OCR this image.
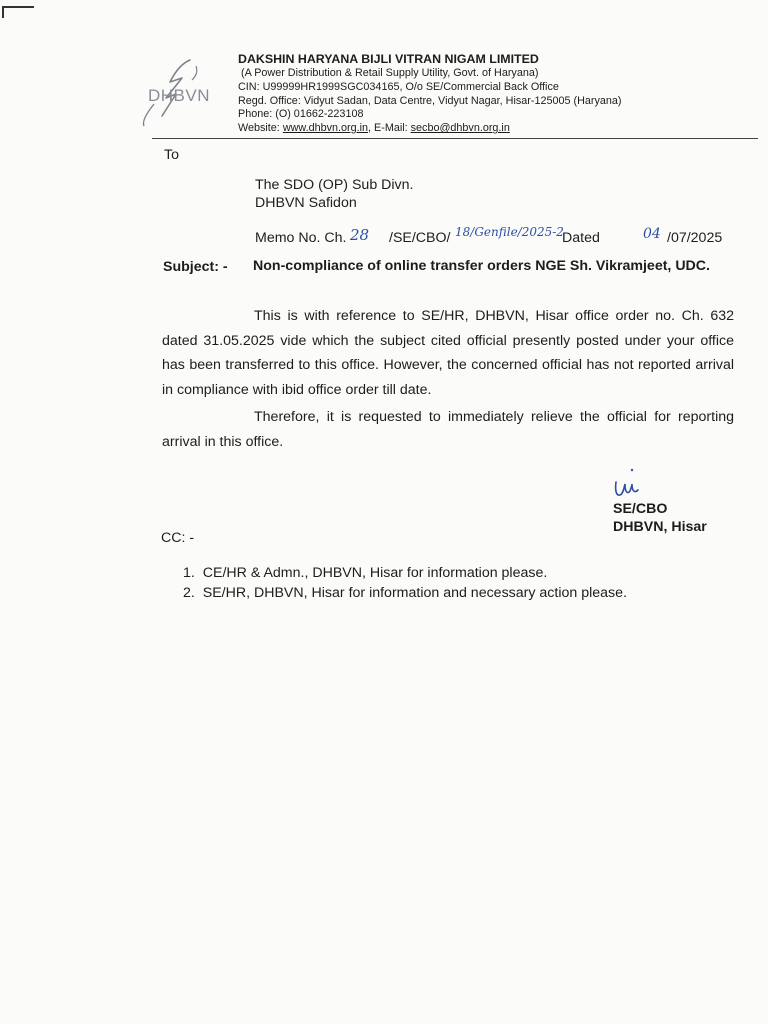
DHBVN

DAKSHIN HARYANA BIJLI VITRAN NIGAM LIMITED

(A Power Distribution & Retail Supply Utility, Govt. of Haryana)

CIN: U99999HR1999SGC034165, O/o SE/Commercial Back Office

Regd. Office: Vidyut Sadan, Data Centre, Vidyut Nagar, Hisar-125005 (Haryana)

Phone: (O) 01662-223108

Website: www.dhbvn.org.in, E-Mail: secbo@dhbvn.org.in

To
The SDO (OP) Sub Divn.
DHBVN Safidon
Memo No. Ch. 28 /SE/CBO/ 18/Genfile/2025-2
Dated	04 /07/2025
Subject: - Non-compliance of online transfer orders NGE Sh. Vikramjeet, UDC.
This is with reference to SE/HR, DHBVN, Hisar office order no. Ch. 632 dated 31.05.2025 vide which the subject cited official presently posted under your office has been transferred to this office. However, the concerned official has not reported arrival in compliance with ibid office order till date.
Therefore, it is requested to immediately relieve the official for reporting arrival in this office.
SE/CBO
DHBVN, Hisar
CC: -
1. CE/HR & Admn., DHBVN, Hisar for information please.
2. SE/HR, DHBVN, Hisar for information and necessary action please.
